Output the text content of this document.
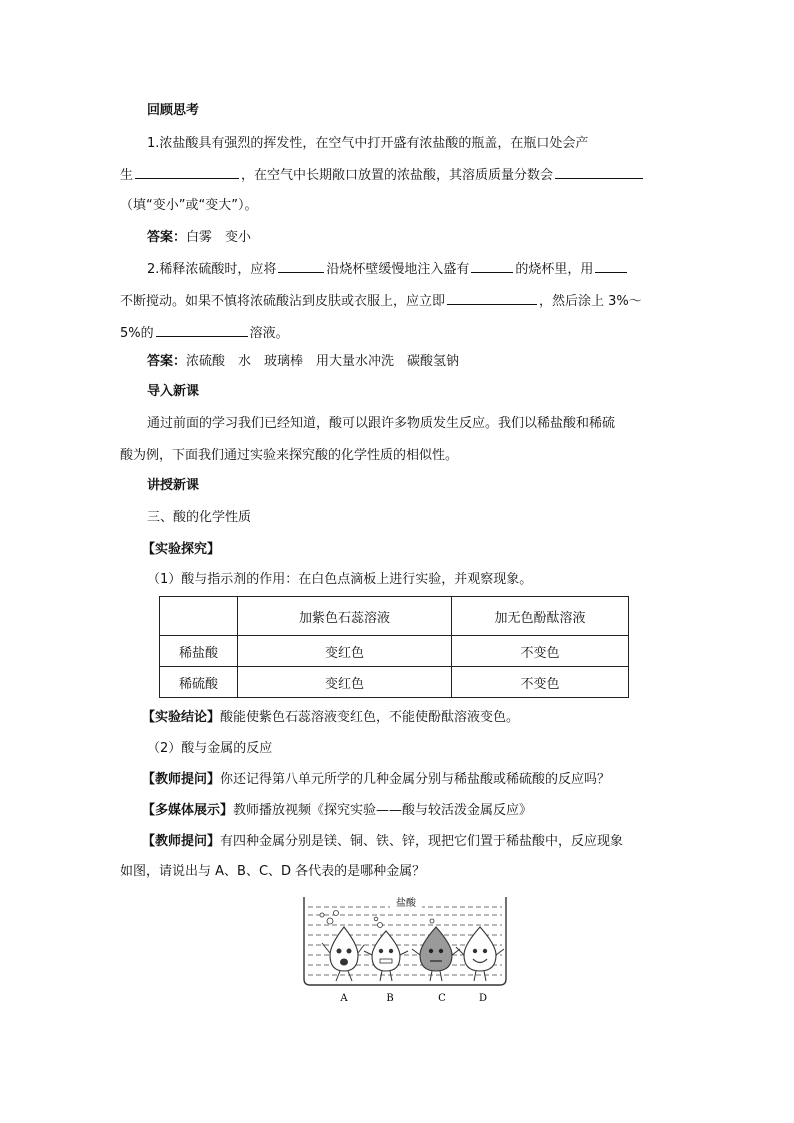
回顾思考
1.浓盐酸具有强烈的挥发性，在空气中打开盛有浓盐酸的瓶盖，在瓶口处会产
生	，在空气中长期敞口放置的浓盐酸，其溶质质量分数会
（填“变小”或“变大”）。
答案：白雾　变小
2.稀释浓硫酸时，应将	沿烧杯壁缓慢地注入盛有	的烧杯里，用
不断搅动。如果不慎将浓硫酸沾到皮肤或衣服上，应立即	，然后涂上 3%～
5%的	溶液。
答案：浓硫酸　水　玻璃棒　用大量水冲洗　碳酸氢钠
导入新课
通过前面的学习我们已经知道，酸可以跟许多物质发生反应。我们以稀盐酸和稀硫
酸为例，下面我们通过实验来探究酸的化学性质的相似性。
讲授新课
三、酸的化学性质
【实验探究】
（1）酸与指示剂的作用：在白色点滴板上进行实验，并观察现象。
	加紫色石蕊溶液	加无色酚酞溶液
稀盐酸	变红色	不变色
稀硫酸	变红色	不变色
【实验结论】酸能使紫色石蕊溶液变红色，不能使酚酞溶液变色。
（2）酸与金属的反应
【教师提问】你还记得第八单元所学的几种金属分别与稀盐酸或稀硫酸的反应吗？
【多媒体展示】教师播放视频《探究实验——酸与较活泼金属反应》
【教师提问】有四种金属分别是镁、铜、铁、锌，现把它们置于稀盐酸中，反应现象
如图，请说出与 A、B、C、D 各代表的是哪种金属？
盐酸
A	B	C	D
